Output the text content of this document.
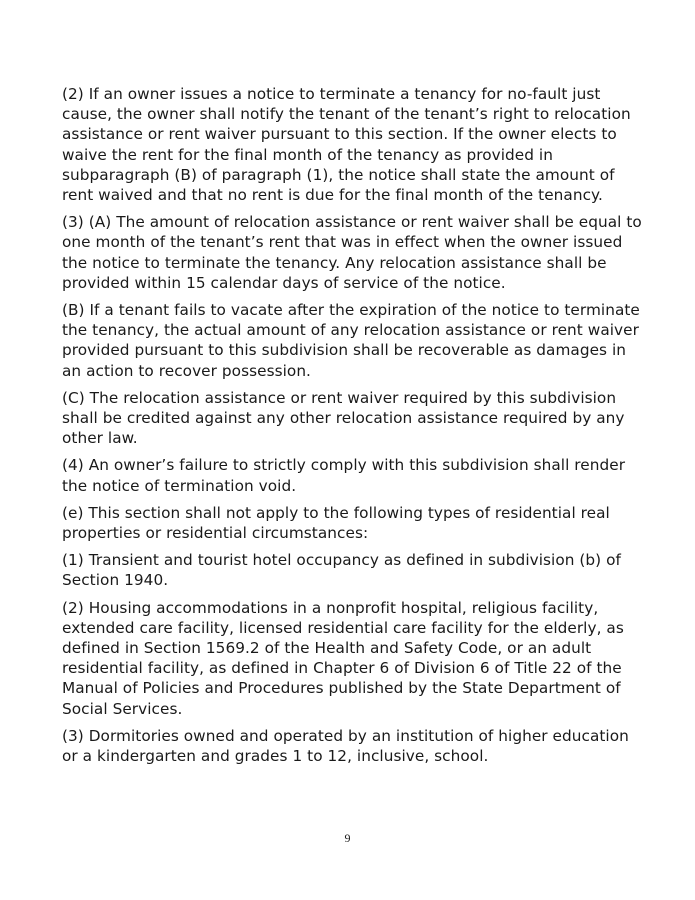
(2) If an owner issues a notice to terminate a tenancy for no-fault just cause, the owner shall notify the tenant of the tenant’s right to relocation assistance or rent waiver pursuant to this section. If the owner elects to waive the rent for the final month of the tenancy as provided in subparagraph (B) of paragraph (1), the notice shall state the amount of rent waived and that no rent is due for the final month of the tenancy.

(3) (A) The amount of relocation assistance or rent waiver shall be equal to one month of the tenant’s rent that was in effect when the owner issued the notice to terminate the tenancy. Any relocation assistance shall be provided within 15 calendar days of service of the notice.

(B) If a tenant fails to vacate after the expiration of the notice to terminate the tenancy, the actual amount of any relocation assistance or rent waiver provided pursuant to this subdivision shall be recoverable as damages in an action to recover possession.

(C) The relocation assistance or rent waiver required by this subdivision shall be credited against any other relocation assistance required by any other law.

(4) An owner’s failure to strictly comply with this subdivision shall render the notice of termination void.

(e) This section shall not apply to the following types of residential real properties or residential circumstances:

(1) Transient and tourist hotel occupancy as defined in subdivision (b) of Section 1940.

(2) Housing accommodations in a nonprofit hospital, religious facility, extended care facility, licensed residential care facility for the elderly, as defined in Section 1569.2 of the Health and Safety Code, or an adult residential facility, as defined in Chapter 6 of Division 6 of Title 22 of the Manual of Policies and Procedures published by the State Department of Social Services.

(3) Dormitories owned and operated by an institution of higher education or a kindergarten and grades 1 to 12, inclusive, school.

9
